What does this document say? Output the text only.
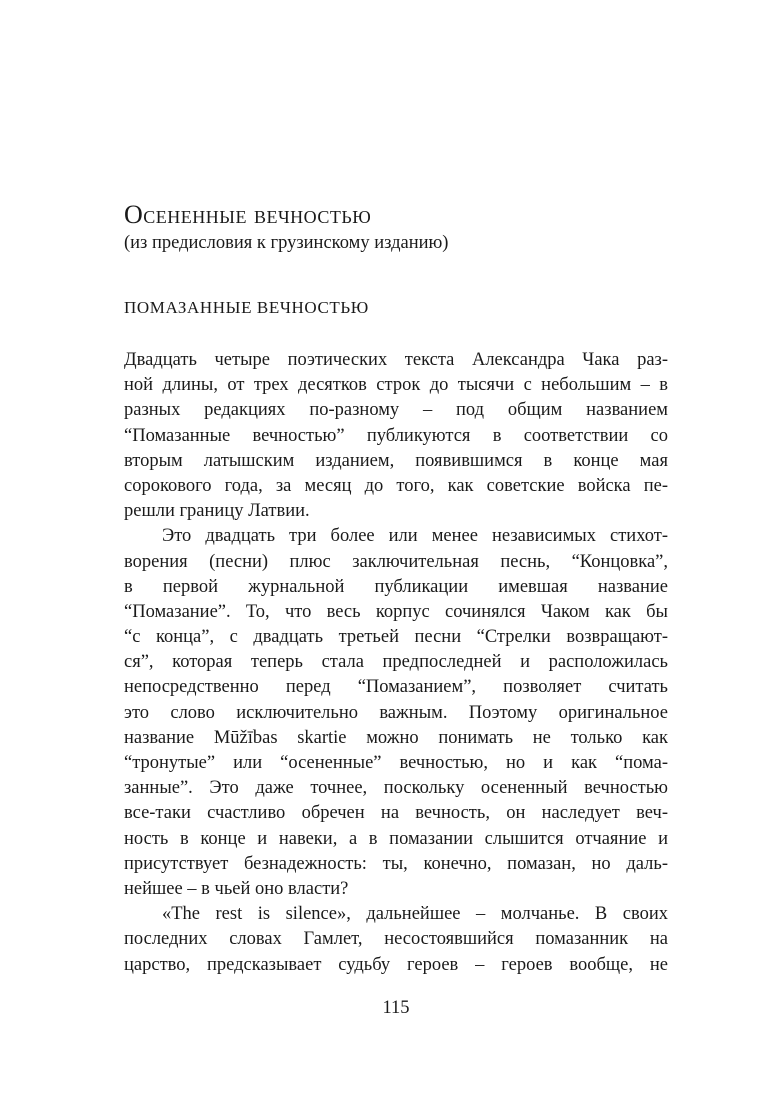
Осененные вечностью
(из предисловия к грузинскому изданию)
ПОМАЗАННЫЕ ВЕЧНОСТЬЮ
Двадцать четыре поэтических текста Александра Чака раз-
ной длины, от трех десятков строк до тысячи с небольшим – в
разных редакциях по-разному – под общим названием
“Помазанные вечностью” публикуются в соответствии со
вторым латышским изданием, появившимся в конце мая
сорокового года, за месяц до того, как советские войска пе-
решли границу Латвии.
Это двадцать три более или менее независимых стихот-
ворения (песни) плюс заключительная песнь, “Концовка”,
в первой журнальной публикации имевшая название
“Помазание”. То, что весь корпус сочинялся Чаком как бы
“с конца”, с двадцать третьей песни “Стрелки возвращают-
ся”, которая теперь стала предпоследней и расположилась
непосредственно перед “Помазанием”, позволяет считать
это слово исключительно важным. Поэтому оригинальное
название Mūžības skartie можно понимать не только как
“тронутые” или “осененные” вечностью, но и как “пома-
занные”. Это даже точнее, поскольку осененный вечностью
все-таки счастливо обречен на вечность, он наследует веч-
ность в конце и навеки, а в помазании слышится отчаяние и
присутствует безнадежность: ты, конечно, помазан, но даль-
нейшее – в чьей оно власти?
«The rest is silence», дальнейшее – молчанье. В своих
последних словах Гамлет, несостоявшийся помазанник на
царство, предсказывает судьбу героев – героев вообще, не
115
